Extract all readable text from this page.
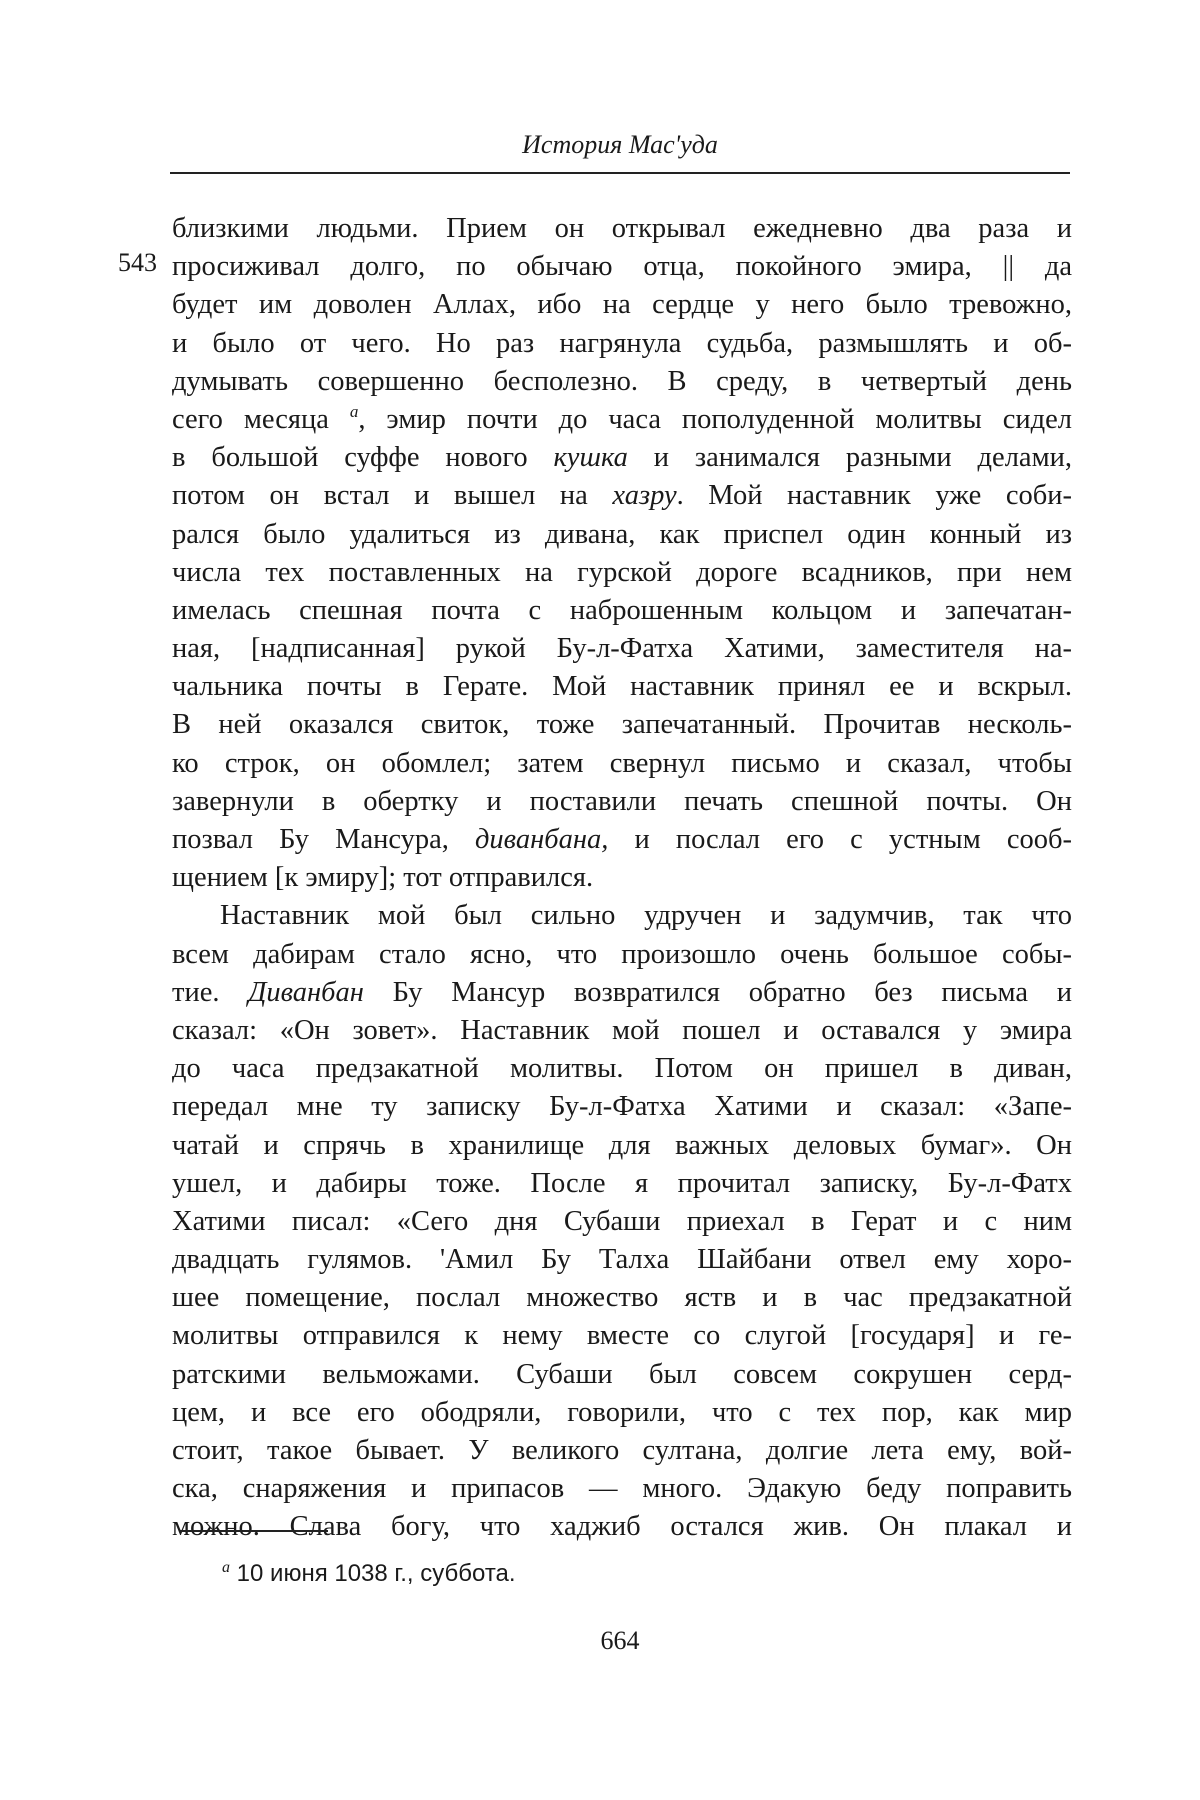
История Мас'уда
543
близкими людьми. Прием он открывал ежедневно два раза и
просиживал долго, по обычаю отца, покойного эмира, || да
будет им доволен Аллах, ибо на сердце у него было тревожно,
и было от чего. Но раз нагрянула судьба, размышлять и об-
думывать совершенно бесполезно. В среду, в четвертый день
сего месяца $^a$, эмир почти до часа пополуденной молитвы сидел
в большой суффе нового кушка и занимался разными делами,
потом он встал и вышел на хазру. Мой наставник уже соби-
рался было удалиться из дивана, как приспел один конный из
числа тех поставленных на гурской дороге всадников, при нем
имелась спешная почта с наброшенным кольцом и запечатан-
ная, [надписанная] рукой Бу-л-Фатха Хатими, заместителя на-
чальника почты в Герате. Мой наставник принял ее и вскрыл.
В ней оказался свиток, тоже запечатанный. Прочитав несколь-
ко строк, он обомлел; затем свернул письмо и сказал, чтобы
завернули в обертку и поставили печать спешной почты. Он
позвал Бу Мансура, диванбана, и послал его с устным сооб-
щением [к эмиру]; тот отправился.
Наставник мой был сильно удручен и задумчив, так что
всем дабирам стало ясно, что произошло очень большое собы-
тие. Диванбан Бу Мансур возвратился обратно без письма и
сказал: «Он зовет». Наставник мой пошел и оставался у эмира
до часа предзакатной молитвы. Потом он пришел в диван,
передал мне ту записку Бу-л-Фатха Хатими и сказал: «Запе-
чатай и спрячь в хранилище для важных деловых бумаг». Он
ушел, и дабиры тоже. После я прочитал записку, Бу-л-Фатх
Хатими писал: «Сего дня Субаши приехал в Герат и с ним
двадцать гулямов. 'Амил Бу Талха Шайбани отвел ему хоро-
шее помещение, послал множество яств и в час предзакатной
молитвы отправился к нему вместе со слугой [государя] и ге-
ратскими вельможами. Субаши был совсем сокрушен серд-
цем, и все его ободряли, говорили, что с тех пор, как мир
стоит, такое бывает. У великого султана, долгие лета ему, вой-
ска, снаряжения и припасов — много. Эдакую беду поправить
можно. Слава богу, что хаджиб остался жив. Он плакал и
$^a$ 10 июня 1038 г., суббота.
664
